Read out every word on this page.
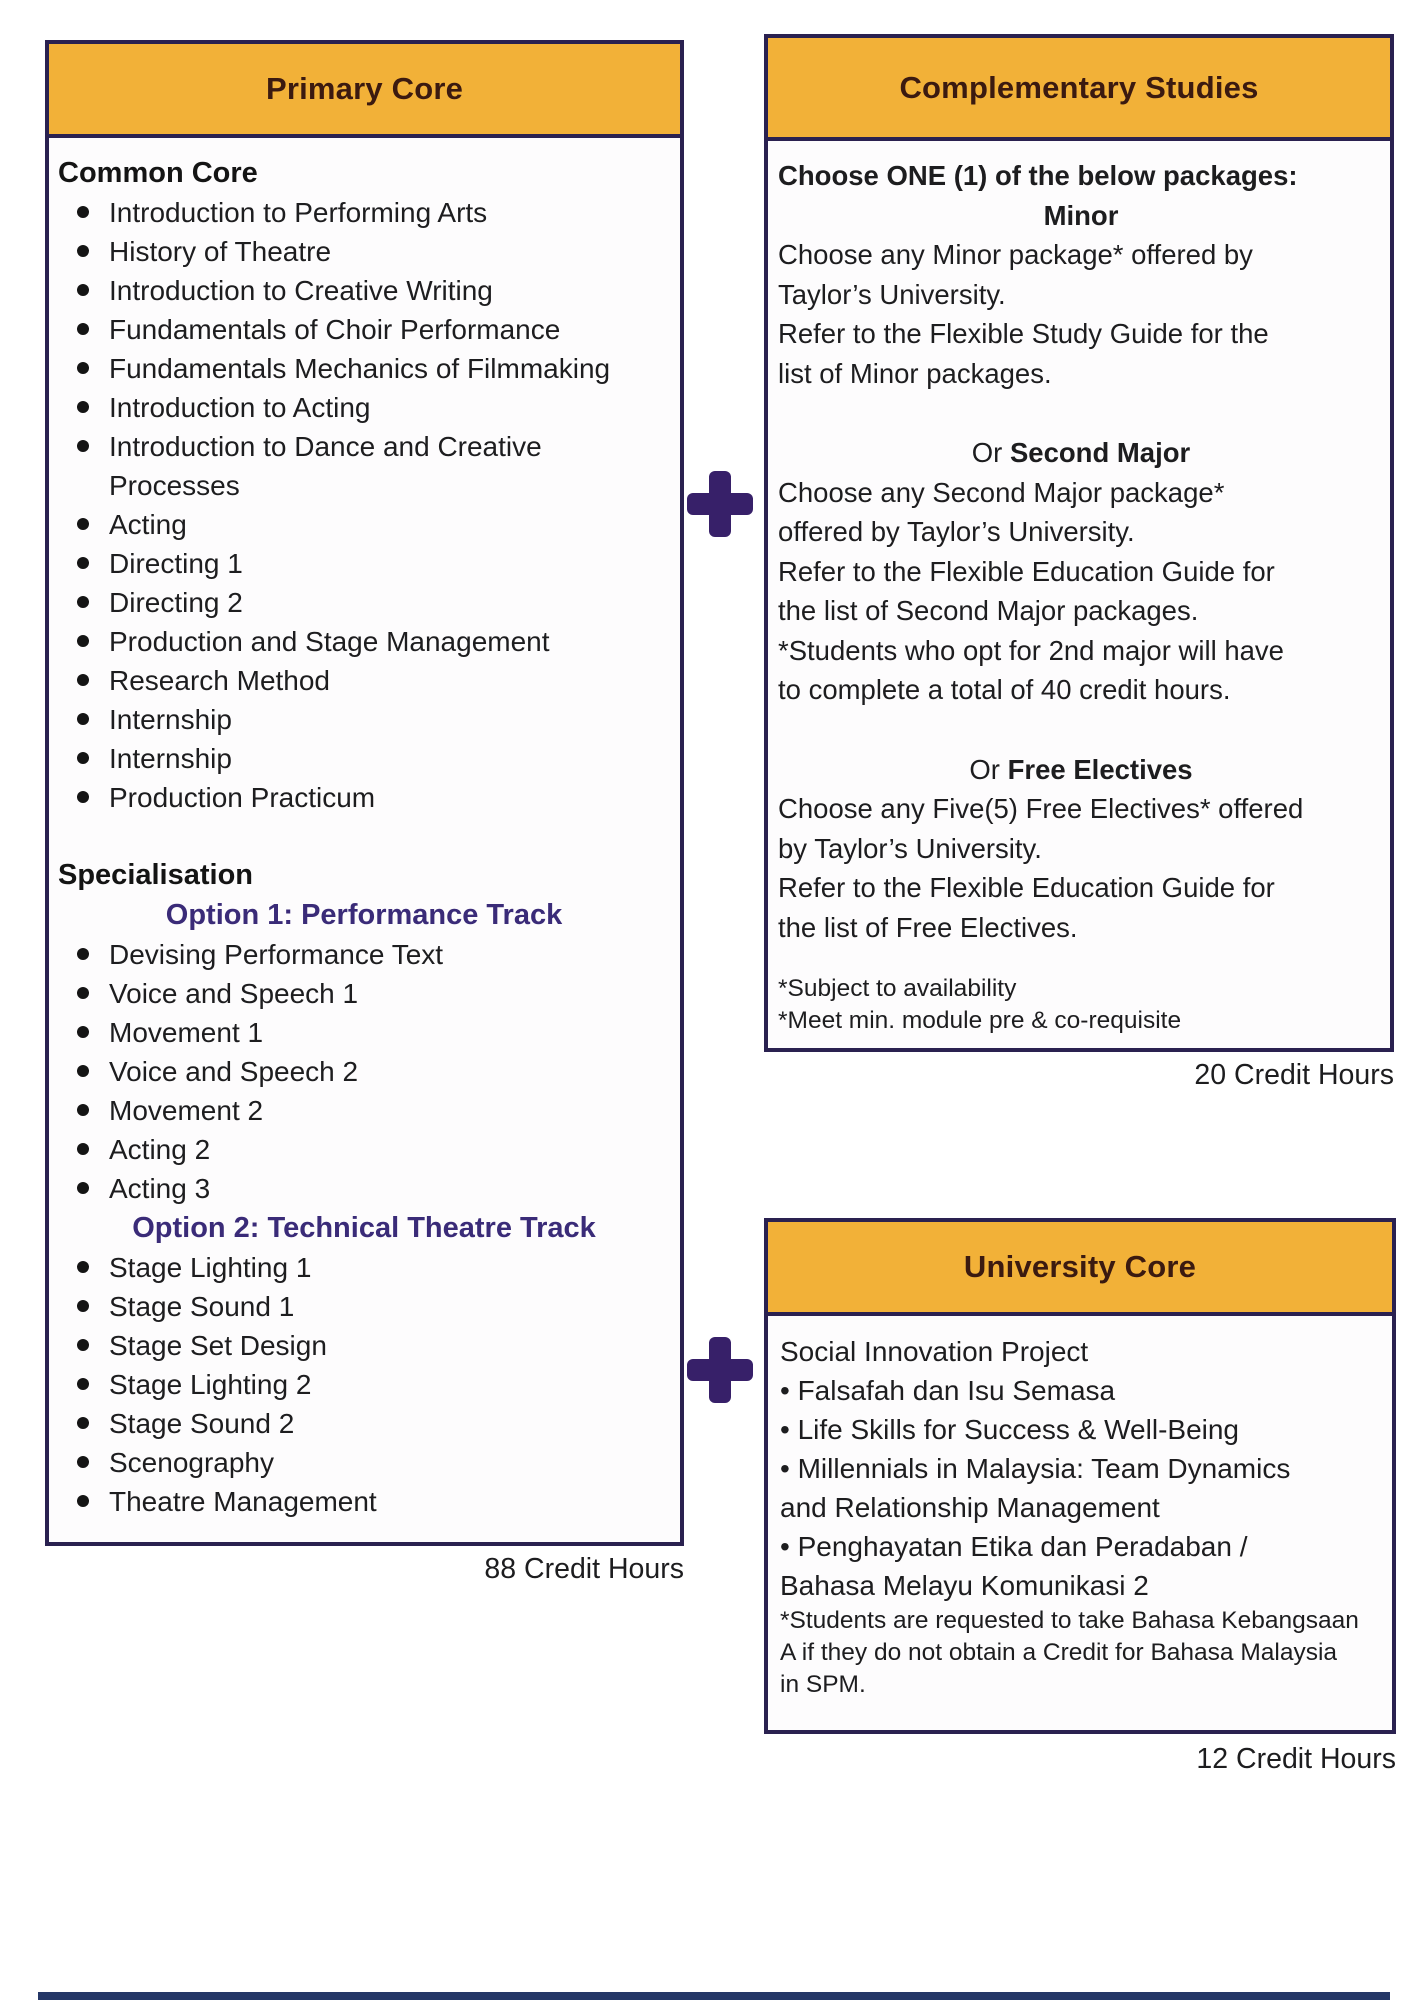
Primary Core
Common Core
Introduction to Performing Arts
History of Theatre
Introduction to Creative Writing
Fundamentals of Choir Performance
Fundamentals Mechanics of Filmmaking
Introduction to Acting
Introduction to Dance and Creative Processes
Acting
Directing 1
Directing 2
Production and Stage Management
Research Method
Internship
Internship
Production Practicum
Specialisation
Option 1: Performance Track
Devising Performance Text
Voice and Speech 1
Movement 1
Voice and Speech 2
Movement 2
Acting 2
Acting 3
Option 2: Technical Theatre Track
Stage Lighting 1
Stage Sound 1
Stage Set Design
Stage Lighting 2
Stage Sound 2
Scenography
Theatre Management
88 Credit Hours
Complementary Studies
Choose ONE (1) of the below packages:
Minor
Choose any Minor package* offered by
Taylor’s University.
Refer to the Flexible Study Guide for the
list of Minor packages.
Or Second Major
Choose any Second Major package*
offered by Taylor’s University.
Refer to the Flexible Education Guide for
the list of Second Major packages.
*Students who opt for 2nd major will have
to complete a total of 40 credit hours.
Or Free Electives
Choose any Five(5) Free Electives* offered
by Taylor’s University.
Refer to the Flexible Education Guide for
the list of Free Electives.
*Subject to availability
*Meet min. module pre & co-requisite
20 Credit Hours
University Core
Social Innovation Project
• Falsafah dan Isu Semasa
• Life Skills for Success & Well-Being
• Millennials in Malaysia: Team Dynamics
and Relationship Management
• Penghayatan Etika dan Peradaban /
Bahasa Melayu Komunikasi 2
*Students are requested to take Bahasa Kebangsaan
A if they do not obtain a Credit for Bahasa Malaysia
in SPM.
12 Credit Hours
